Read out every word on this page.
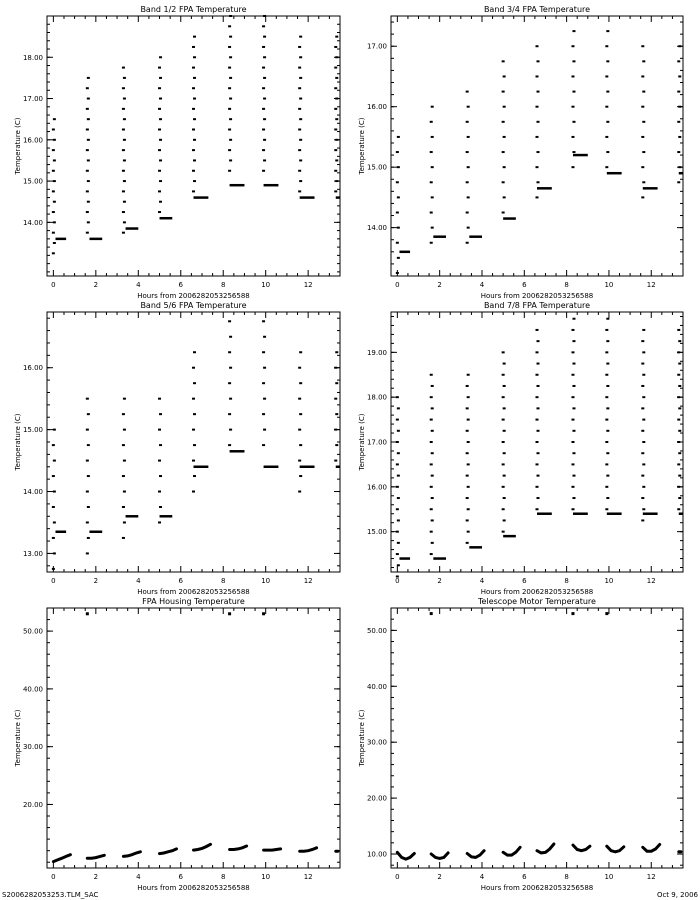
Band 1/2 FPA Temperature
Hours from 2006282053256588
Temperature (C)
0	2	4	6	8	10	12
14.00
15.00
16.00
17.00
18.00
Band 3/4 FPA Temperature
Hours from 2006282053256588
Temperature (C)
0	2	4	6	8	10	12
14.00
15.00
16.00
17.00
Band 5/6 FPA Temperature
Hours from 2006282053256588
Temperature (C)
0	2	4	6	8	10	12
13.00
14.00
15.00
16.00
Band 7/8 FPA Temperature
Hours from 2006282053256588
Temperature (C)
0	2	4	6	8	10	12
15.00
16.00
17.00
18.00
19.00
FPA Housing Temperature
Hours from 2006282053256588
Temperature (C)
0	2	4	6	8	10	12
20.00
30.00
40.00
50.00
Telescope Motor Temperature
Hours from 2006282053256588
Temperature (C)
0	2	4	6	8	10	12
10.00
20.00
30.00
40.00
50.00
S2006282053253.TLM_SAC	Oct 9, 2006
